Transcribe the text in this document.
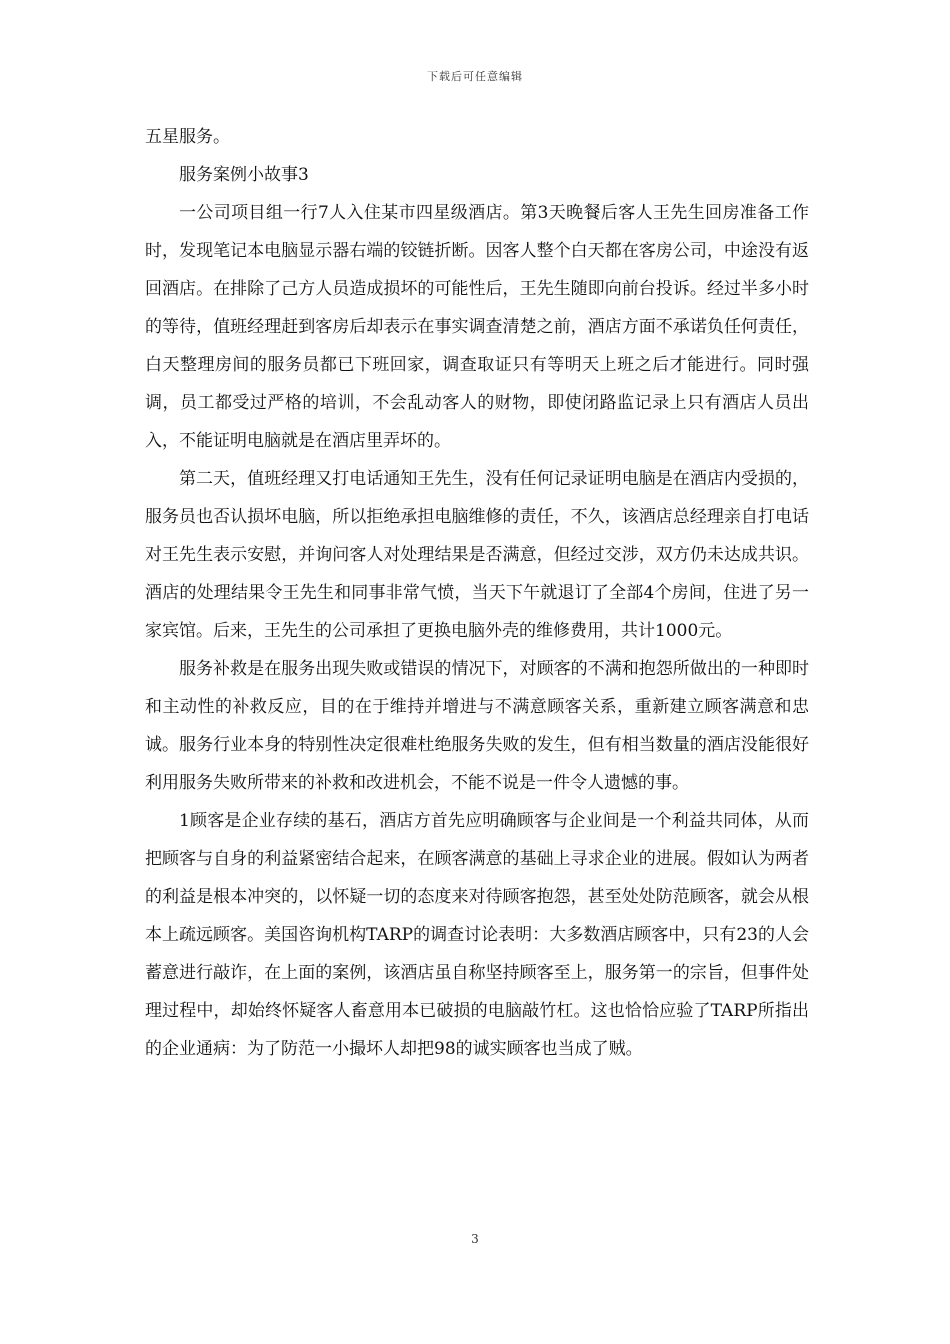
下载后可任意编辑

五星服务。

服务案例小故事3

一公司项目组一行7人入住某市四星级酒店。第3天晚餐后客人王先生回房准备工作时，发现笔记本电脑显示器右端的铰链折断。因客人整个白天都在客房公司，中途没有返回酒店。在排除了己方人员造成损坏的可能性后，王先生随即向前台投诉。经过半多小时的等待，值班经理赶到客房后却表示在事实调查清楚之前，酒店方面不承诺负任何责任，白天整理房间的服务员都已下班回家，调查取证只有等明天上班之后才能进行。同时强调，员工都受过严格的培训，不会乱动客人的财物，即使闭路监记录上只有酒店人员出入，不能证明电脑就是在酒店里弄坏的。

第二天，值班经理又打电话通知王先生，没有任何记录证明电脑是在酒店内受损的，服务员也否认损坏电脑，所以拒绝承担电脑维修的责任，不久，该酒店总经理亲自打电话对王先生表示安慰，并询问客人对处理结果是否满意，但经过交涉，双方仍未达成共识。酒店的处理结果令王先生和同事非常气愤，当天下午就退订了全部4个房间，住进了另一家宾馆。后来，王先生的公司承担了更换电脑外壳的维修费用，共计1000元。

服务补救是在服务出现失败或错误的情况下，对顾客的不满和抱怨所做出的一种即时和主动性的补救反应，目的在于维持并增进与不满意顾客关系，重新建立顾客满意和忠诚。服务行业本身的特别性决定很难杜绝服务失败的发生，但有相当数量的酒店没能很好利用服务失败所带来的补救和改进机会，不能不说是一件令人遗憾的事。

1顾客是企业存续的基石，酒店方首先应明确顾客与企业间是一个利益共同体，从而把顾客与自身的利益紧密结合起来，在顾客满意的基础上寻求企业的进展。假如认为两者的利益是根本冲突的，以怀疑一切的态度来对待顾客抱怨，甚至处处防范顾客，就会从根本上疏远顾客。美国咨询机构TARP的调查讨论表明：大多数酒店顾客中，只有23的人会蓄意进行敲诈，在上面的案例，该酒店虽自称坚持顾客至上，服务第一的宗旨，但事件处理过程中，却始终怀疑客人畜意用本已破损的电脑敲竹杠。这也恰恰应验了TARP所指出的企业通病：为了防范一小撮坏人却把98的诚实顾客也当成了贼。

3
